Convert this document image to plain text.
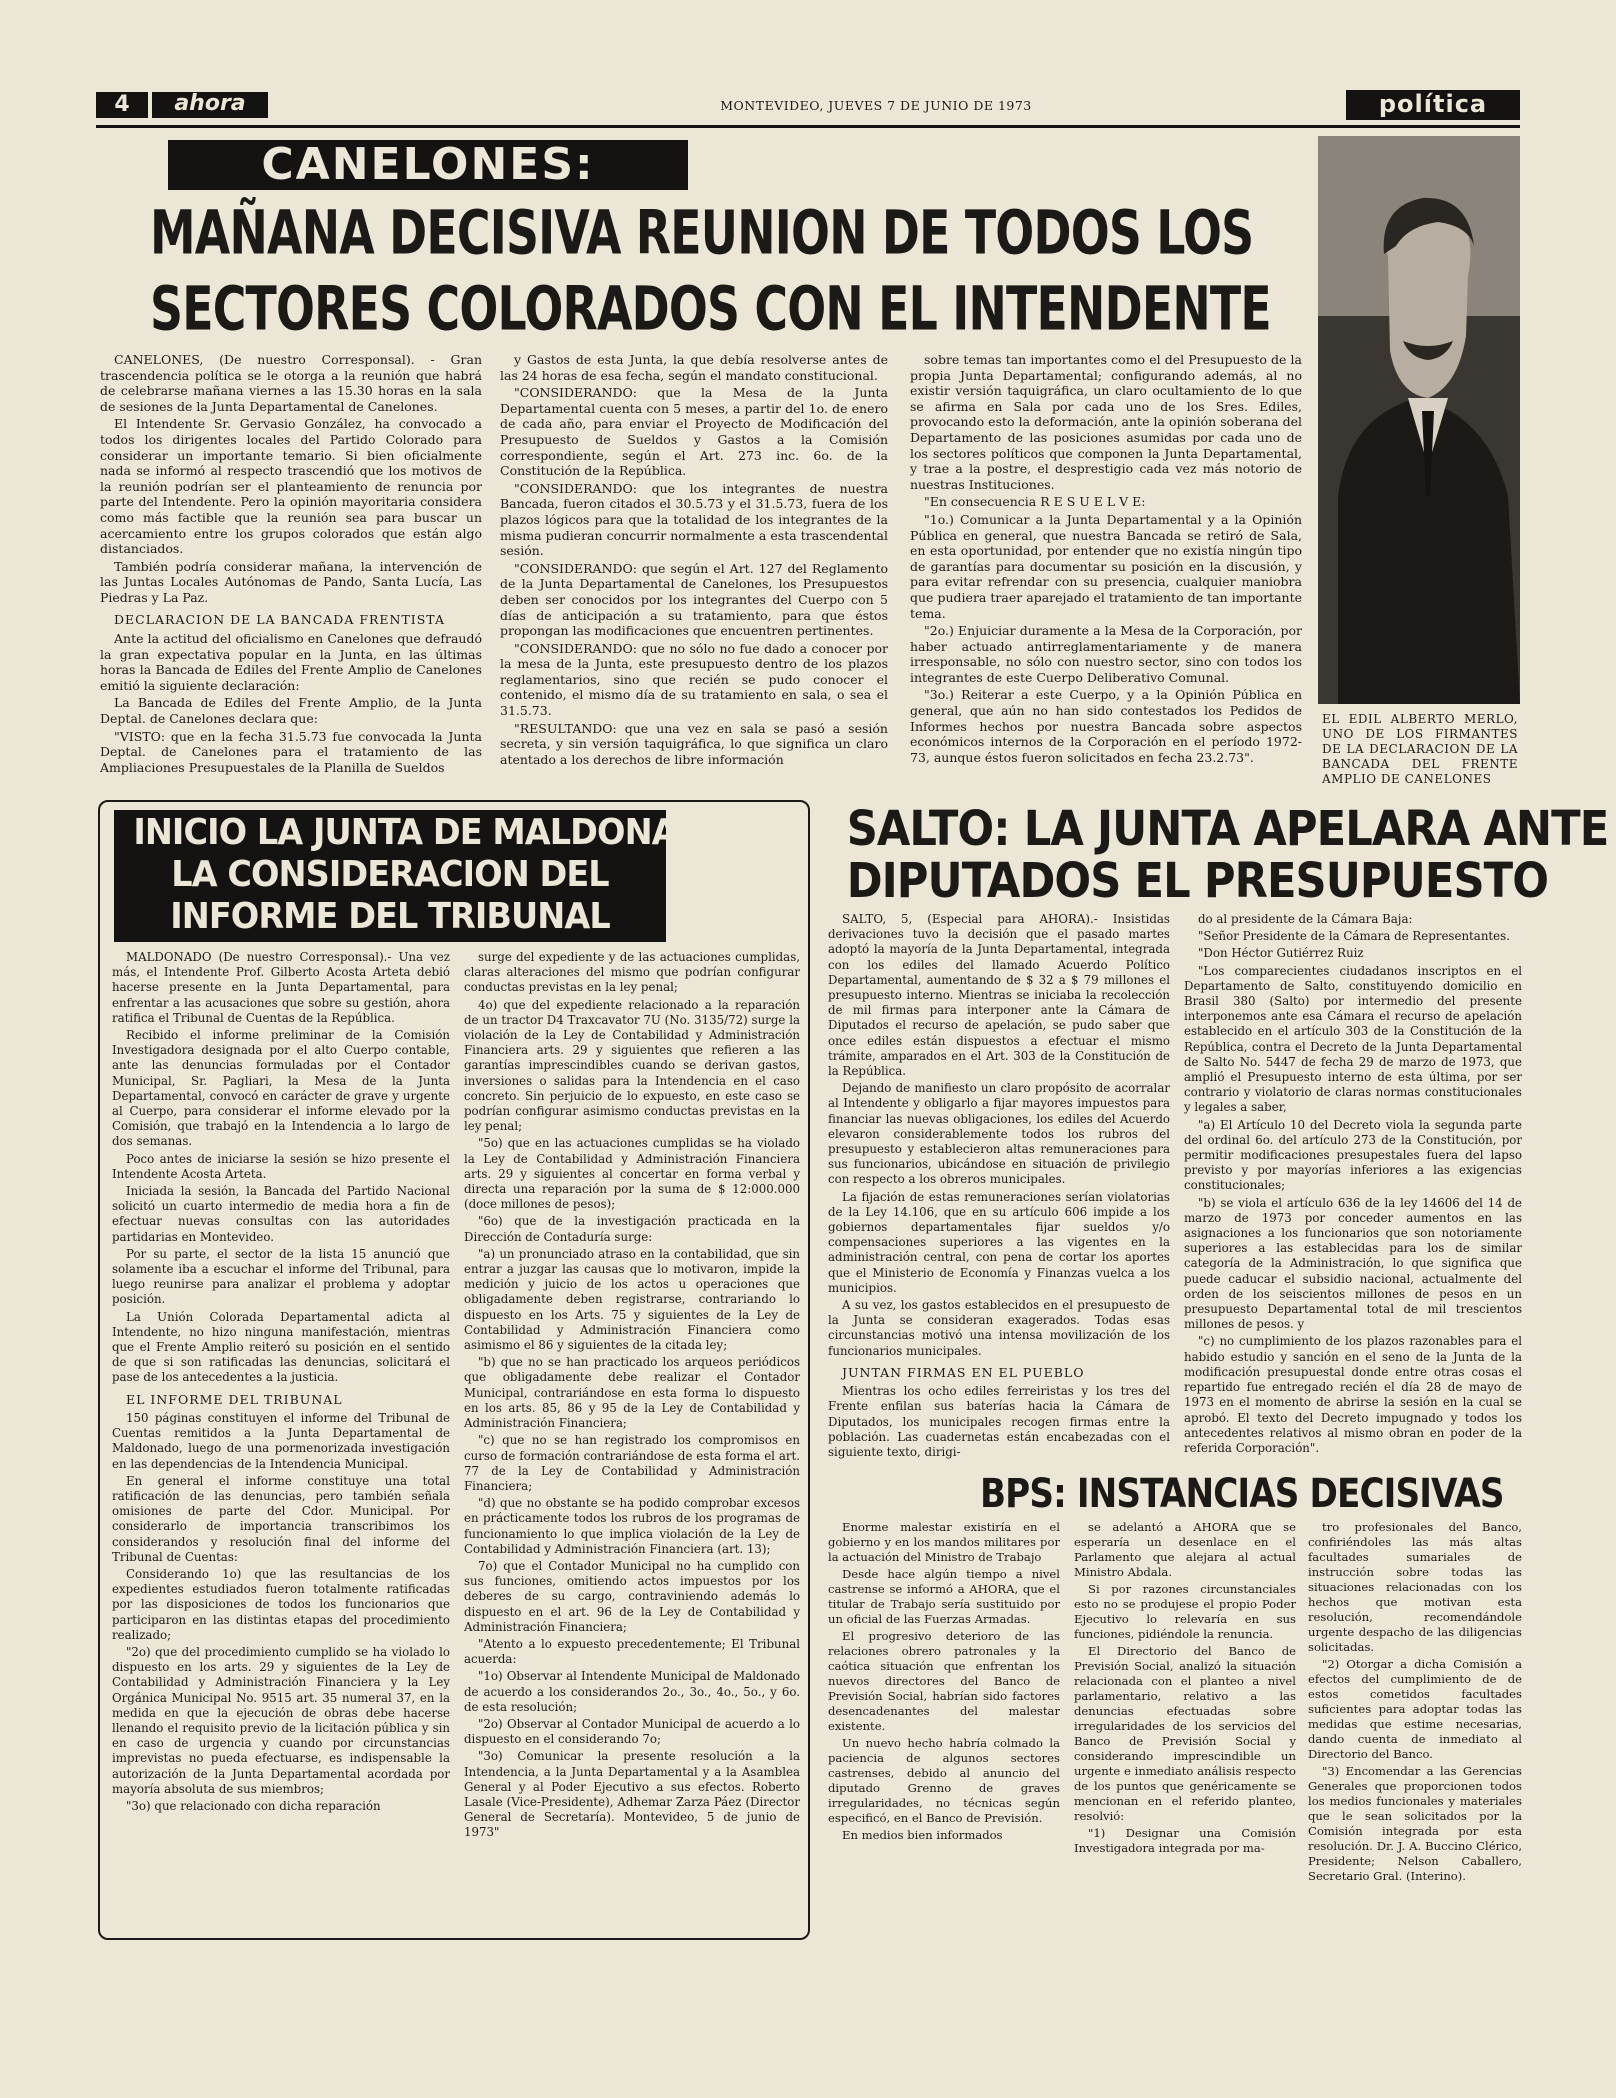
4	ahora	MONTEVIDEO, JUEVES 7 DE JUNIO DE 1973	política
CANELONES:
MAÑANA DECISIVA REUNION DE TODOS LOS
SECTORES COLORADOS CON EL INTENDENTE

CANELONES, (De nuestro Corresponsal). - Gran trascendencia política se le otorga a la reunión que habrá de celebrarse mañana viernes a las 15.30 horas en la sala de sesiones de la Junta Departamental de Canelones.

El Intendente Sr. Gervasio González, ha convocado a todos los dirigentes locales del Partido Colorado para considerar un importante temario. Si bien oficialmente nada se informó al respecto trascendió que los motivos de la reunión podrían ser el planteamiento de renuncia por parte del Intendente. Pero la opinión mayoritaria considera como más factible que la reunión sea para buscar un acercamiento entre los grupos colorados que están algo distanciados.

También podría considerar mañana, la intervención de las Juntas Locales Autónomas de Pando, Santa Lucía, Las Piedras y La Paz.

DECLARACION DE LA BANCADA FRENTISTA

Ante la actitud del oficialismo en Canelones que defraudó la gran expectativa popular en la Junta, en las últimas horas la Bancada de Ediles del Frente Amplio de Canelones emitió la siguiente declaración:

La Bancada de Ediles del Frente Amplio, de la Junta Deptal. de Canelones declara que:

"VISTO: que en la fecha 31.5.73 fue convocada la Junta Deptal. de Canelones para el tratamiento de las Ampliaciones Presupuestales de la Planilla de Sueldos

y Gastos de esta Junta, la que debía resolverse antes de las 24 horas de esa fecha, según el mandato constitucional.

"CONSIDERANDO: que la Mesa de la Junta Departamental cuenta con 5 meses, a partir del 1o. de enero de cada año, para enviar el Proyecto de Modificación del Presupuesto de Sueldos y Gastos a la Comisión correspondiente, según el Art. 273 inc. 6o. de la Constitución de la República.

"CONSIDERANDO: que los integrantes de nuestra Bancada, fueron citados el 30.5.73 y el 31.5.73, fuera de los plazos lógicos para que la totalidad de los integrantes de la misma pudieran concurrir normalmente a esta trascendental sesión.

"CONSIDERANDO: que según el Art. 127 del Reglamento de la Junta Departamental de Canelones, los Presupuestos deben ser conocidos por los integrantes del Cuerpo con 5 días de anticipación a su tratamiento, para que éstos propongan las modificaciones que encuentren pertinentes.

"CONSIDERANDO: que no sólo no fue dado a conocer por la mesa de la Junta, este presupuesto dentro de los plazos reglamentarios, sino que recién se pudo conocer el contenido, el mismo día de su tratamiento en sala, o sea el 31.5.73.

"RESULTANDO: que una vez en sala se pasó a sesión secreta, y sin versión taquigráfica, lo que significa un claro atentado a los derechos de libre información

sobre temas tan importantes como el del Presupuesto de la propia Junta Departamental; configurando además, al no existir versión taquigráfica, un claro ocultamiento de lo que se afirma en Sala por cada uno de los Sres. Ediles, provocando esto la deformación, ante la opinión soberana del Departamento de las posiciones asumidas por cada uno de los sectores políticos que componen la Junta Departamental, y trae a la postre, el desprestigio cada vez más notorio de nuestras Instituciones.

"En consecuencia R E S U E L V E:

"1o.) Comunicar a la Junta Departamental y a la Opinión Pública en general, que nuestra Bancada se retiró de Sala, en esta oportunidad, por entender que no existía ningún tipo de garantías para documentar su posición en la discusión, y para evitar refrendar con su presencia, cualquier maniobra que pudiera traer aparejado el tratamiento de tan importante tema.

"2o.) Enjuiciar duramente a la Mesa de la Corporación, por haber actuado antirreglamentariamente y de manera irresponsable, no sólo con nuestro sector, sino con todos los integrantes de este Cuerpo Deliberativo Comunal.

"3o.) Reiterar a este Cuerpo, y a la Opinión Pública en general, que aún no han sido contestados los Pedidos de Informes hechos por nuestra Bancada sobre aspectos económicos internos de la Corporación en el período 1972-73, aunque éstos fueron solicitados en fecha 23.2.73".

EL EDIL ALBERTO MERLO, UNO DE LOS FIRMANTES DE LA DECLARACION DE LA BANCADA DEL FRENTE AMPLIO DE CANELONES
INICIO LA JUNTA DE MALDONADO
LA CONSIDERACION DEL
INFORME DEL TRIBUNAL

MALDONADO (De nuestro Corresponsal).- Una vez más, el Intendente Prof. Gilberto Acosta Arteta debió hacerse presente en la Junta Departamental, para enfrentar a las acusaciones que sobre su gestión, ahora ratifica el Tribunal de Cuentas de la República.

Recibido el informe preliminar de la Comisión Investigadora designada por el alto Cuerpo contable, ante las denuncias formuladas por el Contador Municipal, Sr. Pagliari, la Mesa de la Junta Departamental, convocó en carácter de grave y urgente al Cuerpo, para considerar el informe elevado por la Comisión, que trabajó en la Intendencia a lo largo de dos semanas.

Poco antes de iniciarse la sesión se hizo presente el Intendente Acosta Arteta.

Iniciada la sesión, la Bancada del Partido Nacional solicitó un cuarto intermedio de media hora a fin de efectuar nuevas consultas con las autoridades partidarias en Montevideo.

Por su parte, el sector de la lista 15 anunció que solamente iba a escuchar el informe del Tribunal, para luego reunirse para analizar el problema y adoptar posición.

La Unión Colorada Departamental adicta al Intendente, no hizo ninguna manifestación, mientras que el Frente Amplio reiteró su posición en el sentido de que si son ratificadas las denuncias, solicitará el pase de los antecedentes a la justicia.

EL INFORME DEL TRIBUNAL

150 páginas constituyen el informe del Tribunal de Cuentas remitidos a la Junta Departamental de Maldonado, luego de una pormenorizada investigación en las dependencias de la Intendencia Municipal.

En general el informe constituye una total ratificación de las denuncias, pero también señala omisiones de parte del Cdor. Municipal. Por considerarlo de importancia transcribimos los considerandos y resolución final del informe del Tribunal de Cuentas:

Considerando 1o) que las resultancias de los expedientes estudiados fueron totalmente ratificadas por las disposiciones de todos los funcionarios que participaron en las distintas etapas del procedimiento realizado;

"2o) que del procedimiento cumplido se ha violado lo dispuesto en los arts. 29 y siguientes de la Ley de Contabilidad y Administración Financiera y la Ley Orgánica Municipal No. 9515 art. 35 numeral 37, en la medida en que la ejecución de obras debe hacerse llenando el requisito previo de la licitación pública y sin en caso de urgencia y cuando por circunstancias imprevistas no pueda efectuarse, es indispensable la autorización de la Junta Departamental acordada por mayoría absoluta de sus miembros;

"3o) que relacionado con dicha reparación

surge del expediente y de las actuaciones cumplidas, claras alteraciones del mismo que podrían configurar conductas previstas en la ley penal;

4o) que del expediente relacionado a la reparación de un tractor D4 Traxcavator 7U (No. 3135/72) surge la violación de la Ley de Contabilidad y Administración Financiera arts. 29 y siguientes que refieren a las garantías imprescindibles cuando se derivan gastos, inversiones o salidas para la Intendencia en el caso concreto. Sin perjuicio de lo expuesto, en este caso se podrían configurar asimismo conductas previstas en la ley penal;

"5o) que en las actuaciones cumplidas se ha violado la Ley de Contabilidad y Administración Financiera arts. 29 y siguientes al concertar en forma verbal y directa una reparación por la suma de $ 12:000.000 (doce millones de pesos);

"6o) que de la investigación practicada en la Dirección de Contaduría surge:

"a) un pronunciado atraso en la contabilidad, que sin entrar a juzgar las causas que lo motivaron, impide la medición y juicio de los actos u operaciones que obligadamente deben registrarse, contrariando lo dispuesto en los Arts. 75 y siguientes de la Ley de Contabilidad y Administración Financiera como asimismo el 86 y siguientes de la citada ley;

"b) que no se han practicado los arqueos periódicos que obligadamente debe realizar el Contador Municipal, contrariándose en esta forma lo dispuesto en los arts. 85, 86 y 95 de la Ley de Contabilidad y Administración Financiera;

"c) que no se han registrado los compromisos en curso de formación contrariándose de esta forma el art. 77 de la Ley de Contabilidad y Administración Financiera;

"d) que no obstante se ha podido comprobar excesos en prácticamente todos los rubros de los programas de funcionamiento lo que implica violación de la Ley de Contabilidad y Administración Financiera (art. 13);

7o) que el Contador Municipal no ha cumplido con sus funciones, omitiendo actos impuestos por los deberes de su cargo, contraviniendo además lo dispuesto en el art. 96 de la Ley de Contabilidad y Administración Financiera;

"Atento a lo expuesto precedentemente; El Tribunal acuerda:

"1o) Observar al Intendente Municipal de Maldonado de acuerdo a los considerandos 2o., 3o., 4o., 5o., y 6o. de esta resolución;

"2o) Observar al Contador Municipal de acuerdo a lo dispuesto en el considerando 7o;

"3o) Comunicar la presente resolución a la Intendencia, a la Junta Departamental y a la Asamblea General y al Poder Ejecutivo a sus efectos. Roberto Lasale (Vice-Presidente), Adhemar Zarza Páez (Director General de Secretaría). Montevideo, 5 de junio de 1973"

SALTO: LA JUNTA APELARA ANTE
DIPUTADOS EL PRESUPUESTO

SALTO, 5, (Especial para AHORA).- Insistidas derivaciones tuvo la decisión que el pasado martes adoptó la mayoría de la Junta Departamental, integrada con los ediles del llamado Acuerdo Político Departamental, aumentando de $ 32 a $ 79 millones el presupuesto interno. Mientras se iniciaba la recolección de mil firmas para interponer ante la Cámara de Diputados el recurso de apelación, se pudo saber que once ediles están dispuestos a efectuar el mismo trámite, amparados en el Art. 303 de la Constitución de la República.

Dejando de manifiesto un claro propósito de acorralar al Intendente y obligarlo a fijar mayores impuestos para financiar las nuevas obligaciones, los ediles del Acuerdo elevaron considerablemente todos los rubros del presupuesto y establecieron altas remuneraciones para sus funcionarios, ubicándose en situación de privilegio con respecto a los obreros municipales.

La fijación de estas remuneraciones serían violatorias de la Ley 14.106, que en su artículo 606 impide a los gobiernos departamentales fijar sueldos y/o compensaciones superiores a las vigentes en la administración central, con pena de cortar los aportes que el Ministerio de Economía y Finanzas vuelca a los municipios.

A su vez, los gastos establecidos en el presupuesto de la Junta se consideran exagerados. Todas esas circunstancias motivó una intensa movilización de los funcionarios municipales.

JUNTAN FIRMAS EN EL PUEBLO

Mientras los ocho ediles ferreiristas y los tres del Frente enfilan sus baterías hacia la Cámara de Diputados, los municipales recogen firmas entre la población. Las cuadernetas están encabezadas con el siguiente texto, dirigi-

do al presidente de la Cámara Baja:

"Señor Presidente de la Cámara de Representantes.

"Don Héctor Gutiérrez Ruiz

"Los comparecientes ciudadanos inscriptos en el Departamento de Salto, constituyendo domicilio en Brasil 380 (Salto) por intermedio del presente interponemos ante esa Cámara el recurso de apelación establecido en el artículo 303 de la Constitución de la República, contra el Decreto de la Junta Departamental de Salto No. 5447 de fecha 29 de marzo de 1973, que amplió el Presupuesto interno de esta última, por ser contrario y violatorio de claras normas constitucionales y legales a saber,

"a) El Artículo 10 del Decreto viola la segunda parte del ordinal 6o. del artículo 273 de la Constitución, por permitir modificaciones presupestales fuera del lapso previsto y por mayorías inferiores a las exigencias constitucionales;

"b) se viola el artículo 636 de la ley 14606 del 14 de marzo de 1973 por conceder aumentos en las asignaciones a los funcionarios que son notoriamente superiores a las establecidas para los de similar categoría de la Administración, lo que significa que puede caducar el subsidio nacional, actualmente del orden de los seiscientos millones de pesos en un presupuesto Departamental total de mil trescientos millones de pesos. y

"c) no cumplimiento de los plazos razonables para el habido estudio y sanción en el seno de la Junta de la modificación presupuestal donde entre otras cosas el repartido fue entregado recién el día 28 de mayo de 1973 en el momento de abrirse la sesión en la cual se aprobó. El texto del Decreto impugnado y todos los antecedentes relativos al mismo obran en poder de la referida Corporación".

BPS: INSTANCIAS DECISIVAS

Enorme malestar existiría en el gobierno y en los mandos militares por la actuación del Ministro de Trabajo

Desde hace algún tiempo a nivel castrense se informó a AHORA, que el titular de Trabajo sería sustituido por un oficial de las Fuerzas Armadas.

El progresivo deterioro de las relaciones obrero patronales y la caótica situación que enfrentan los nuevos directores del Banco de Previsión Social, habrían sido factores desencadenantes del malestar existente.

Un nuevo hecho habría colmado la paciencia de algunos sectores castrenses, debido al anuncio del diputado Grenno de graves irregularidades, no técnicas según especificó, en el Banco de Previsión.

En medios bien informados

se adelantó a AHORA que se esperaría un desenlace en el Parlamento que alejara al actual Ministro Abdala.

Si por razones circunstanciales esto no se produjese el propio Poder Ejecutivo lo relevaría en sus funciones, pidiéndole la renuncia.

El Directorio del Banco de Previsión Social, analizó la situación relacionada con el planteo a nivel parlamentario, relativo a las denuncias efectuadas sobre irregularidades de los servicios del Banco de Previsión Social y considerando imprescindible un urgente e inmediato análisis respecto de los puntos que genéricamente se mencionan en el referido planteo, resolvió:

"1) Designar una Comisión Investigadora integrada por ma-

tro profesionales del Banco, confiriéndoles las más altas facultades sumariales de instrucción sobre todas las situaciones relacionadas con los hechos que motivan esta resolución, recomendándole urgente despacho de las diligencias solicitadas.

"2) Otorgar a dicha Comisión a efectos del cumplimiento de de estos cometidos facultades suficientes para adoptar todas las medidas que estime necesarias, dando cuenta de inmediato al Directorio del Banco.

"3) Encomendar a las Gerencias Generales que proporcionen todos los medios funcionales y materiales que le sean solicitados por la Comisión integrada por esta resolución. Dr. J. A. Buccino Clérico, Presidente; Nelson Caballero, Secretario Gral. (Interino).
